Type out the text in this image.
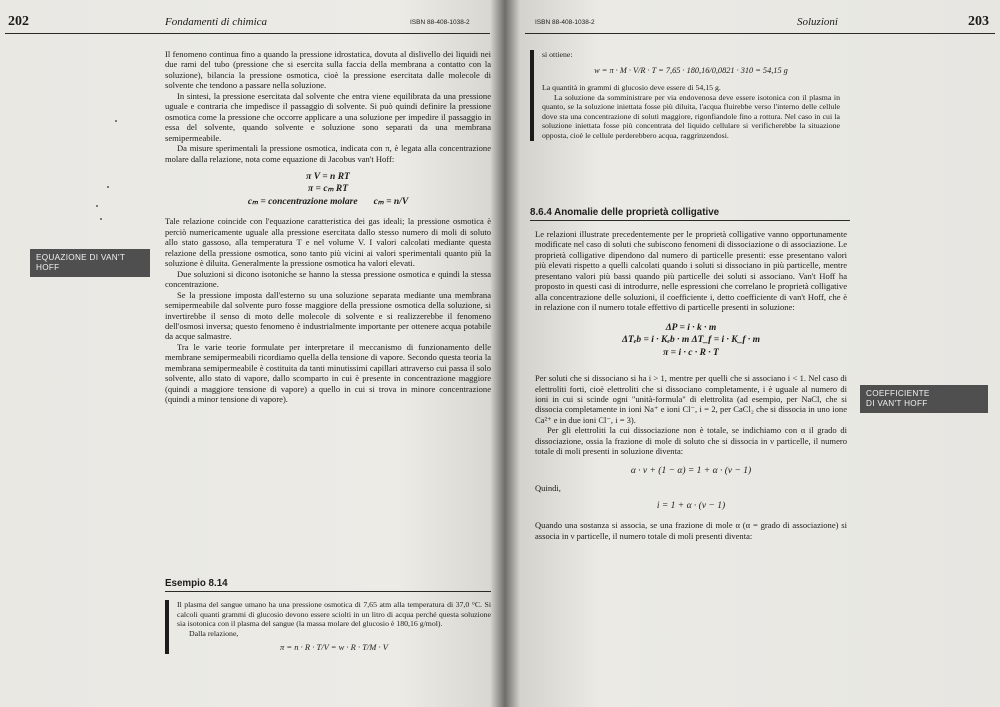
202	Fondamenti di chimica	ISBN 88-408-1038-2
EQUAZIONE DI VAN'T HOFF

Il fenomeno continua fino a quando la pressione idrostatica, dovuta al dislivello dei liquidi nei due rami del tubo (pressione che si esercita sulla faccia della membrana a contatto con la soluzione), bilancia la pressione osmotica, cioè la pressione esercitata dalle molecole di solvente che tendono a passare nella soluzione.

In sintesi, la pressione esercitata dal solvente che entra viene equilibrata da una pressione uguale e contraria che impedisce il passaggio di solvente. Si può quindi definire la pressione osmotica come la pressione che occorre applicare a una soluzione per impedire il passaggio in essa del solvente, quando solvente e soluzione sono separati da una membrana semipermeabile.

Da misure sperimentali la pressione osmotica, indicata con π, è legata alla concentrazione molare dalla relazione, nota come equazione di Jacobus van't Hoff:

π V = n RT
π = cₘ RT
cₘ = concentrazione molare cₘ = n/V

Tale relazione coincide con l'equazione caratteristica dei gas ideali; la pressione osmotica è perciò numericamente uguale alla pressione esercitata dallo stesso numero di moli di soluto allo stato gassoso, alla temperatura T e nel volume V. I valori calcolati mediante questa relazione della pressione osmotica, sono tanto più vicini ai valori sperimentali quanto più la soluzione è diluita. Generalmente la pressione osmotica ha valori elevati.

Due soluzioni si dicono isotoniche se hanno la stessa pressione osmotica e quindi la stessa concentrazione.

Se la pressione imposta dall'esterno su una soluzione separata mediante una membrana semipermeabile dal solvente puro fosse maggiore della pressione osmotica della soluzione, si invertirebbe il senso di moto delle molecole di solvente e si realizzerebbe il fenomeno dell'osmosi inversa; questo fenomeno è industrialmente importante per ottenere acqua potabile da acque salmastre.

Tra le varie teorie formulate per interpretare il meccanismo di funzionamento delle membrane semipermeabili ricordiamo quella della tensione di vapore. Secondo questa teoria la membrana semipermeabile è costituita da tanti minutissimi capillari attraverso cui passa il solo solvente, allo stato di vapore, dallo scomparto in cui è presente in concentrazione maggiore (quindi a maggiore tensione di vapore) a quello in cui si trova in minore concentrazione (quindi a minor tensione di vapore).

Esempio 8.14

Il plasma del sangue umano ha una pressione osmotica di 7,65 atm alla temperatura di 37,0 °C. Si calcoli quanti grammi di glucosio devono essere sciolti in un litro di acqua perché questa soluzione sia isotonica con il plasma del sangue (la massa molare del glucosio è 180,16 g/mol).

Dalla relazione,

π = n · R · T/V = w · R · T/M · V
ISBN 88-408-1038-2	Soluzioni	203
COEFFICIENTE
DI VAN'T HOFF

si ottiene:

w = π · M · V/R · T = 7,65 · 180,16/0,0821 · 310 = 54,15 g

La quantità in grammi di glucosio deve essere di 54,15 g.

La soluzione da somministrare per via endovenosa deve essere isotonica con il plasma in quanto, se la soluzione iniettata fosse più diluita, l'acqua fluirebbe verso l'interno delle cellule dove sta una concentrazione di soluti maggiore, rigonfiandole fino a rottura. Nel caso in cui la soluzione iniettata fosse più concentrata del liquido cellulare si verificherebbe la situazione opposta, cioè le cellule perderebbero acqua, raggrinzendosi.

8.6.4 Anomalie delle proprietà colligative

Le relazioni illustrate precedentemente per le proprietà colligative vanno opportunamente modificate nel caso di soluti che subiscono fenomeni di dissociazione o di associazione. Le proprietà colligative dipendono dal numero di particelle presenti: esse presentano valori più elevati rispetto a quelli calcolati quando i soluti si dissociano in più particelle, mentre presentano valori più bassi quando più particelle dei soluti si associano. Van't Hoff ha proposto in questi casi di introdurre, nelle espressioni che correlano le proprietà colligative alla concentrazione delle soluzioni, il coefficiente i, detto coefficiente di van't Hoff, che è in relazione con il numero totale effettivo di particelle presenti in soluzione:

ΔP = i · k · m
ΔTₑb = i · Kₑb · m ΔT_f = i · K_f · m
π = i · c · R · T

Per soluti che si dissociano si ha i > 1, mentre per quelli che si associano i < 1. Nel caso di elettroliti forti, cioè elettroliti che si dissociano completamente, i è uguale al numero di ioni in cui si scinde ogni "unità-formula" di elettrolita (ad esempio, per NaCl, che si dissocia completamente in ioni Na⁺ e ioni Cl⁻, i = 2, per CaCl₂ che si dissocia in uno ione Ca²⁺ e in due ioni Cl⁻, i = 3).

Per gli elettroliti la cui dissociazione non è totale, se indichiamo con α il grado di dissociazione, ossia la frazione di mole di soluto che si dissocia in ν particelle, il numero totale di moli presenti in soluzione diventa:

α · ν + (1 − α) = 1 + α · (ν − 1)

Quindi,

i = 1 + α · (ν − 1)

Quando una sostanza si associa, se una frazione di mole α (α = grado di associazione) si associa in ν particelle, il numero totale di moli presenti diventa:
